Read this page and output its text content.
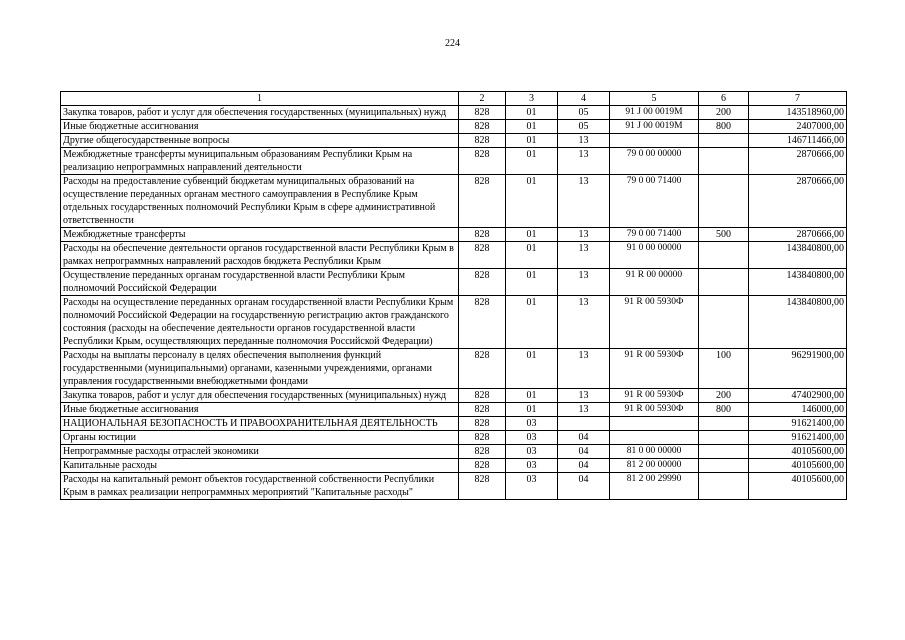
224
1	2	3	4	5	6	7
Закупка товаров, работ и услуг для обеспечения государственных (муниципальных) нужд	828	01	05	91 J 00 0019М	200	143518960,00
Иные бюджетные ассигнования	828	01	05	91 J 00 0019М	800	2407000,00
Другие общегосударственные вопросы	828	01	13			146711466,00
Межбюджетные трансферты муниципальным образованиям Республики Крым на реализацию непрограммных направлений деятельности	828	01	13	79 0 00 00000		2870666,00
Расходы на предоставление субвенций бюджетам муниципальных образований на осуществление переданных органам местного самоуправления в Республике Крым отдельных государственных полномочий Республики Крым в сфере административной ответственности	828	01	13	79 0 00 71400		2870666,00
Межбюджетные трансферты	828	01	13	79 0 00 71400	500	2870666,00
Расходы на обеспечение деятельности органов государственной власти Республики Крым в рамках непрограммных направлений расходов бюджета Республики Крым	828	01	13	91 0 00 00000		143840800,00
Осуществление переданных органам государственной власти Республики Крым полномочий Российской Федерации	828	01	13	91 R 00 00000		143840800,00
Расходы на осуществление переданных органам государственной власти Республики Крым полномочий Российской Федерации на государственную регистрацию актов гражданского состояния (расходы на обеспечение деятельности органов государственной власти Республики Крым, осуществляющих переданные полномочия Российской Федерации)	828	01	13	91 R 00 5930Ф		143840800,00
Расходы на выплаты персоналу в целях обеспечения выполнения функций государственными (муниципальными) органами, казенными учреждениями, органами управления государственными внебюджетными фондами	828	01	13	91 R 00 5930Ф	100	96291900,00
Закупка товаров, работ и услуг для обеспечения государственных (муниципальных) нужд	828	01	13	91 R 00 5930Ф	200	47402900,00
Иные бюджетные ассигнования	828	01	13	91 R 00 5930Ф	800	146000,00
НАЦИОНАЛЬНАЯ БЕЗОПАСНОСТЬ И ПРАВООХРАНИТЕЛЬНАЯ ДЕЯТЕЛЬНОСТЬ	828	03				91621400,00
Органы юстиции	828	03	04			91621400,00
Непрограммные расходы отраслей экономики	828	03	04	81 0 00 00000		40105600,00
Капитальные расходы	828	03	04	81 2 00 00000		40105600,00
Расходы на капитальный ремонт объектов государственной собственности Республики Крым в рамках реализации непрограммных мероприятий "Капитальные расходы"	828	03	04	81 2 00 29990		40105600,00
